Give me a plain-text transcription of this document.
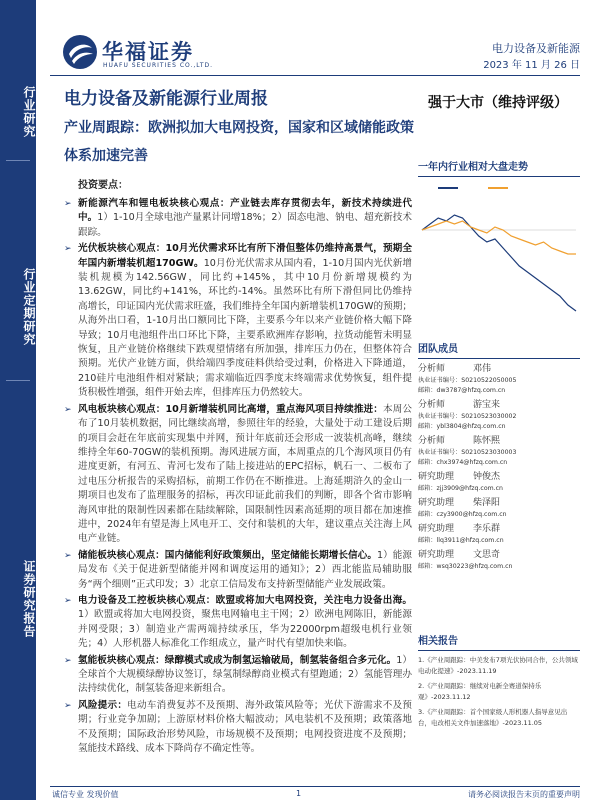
行业研究
行业定期研究
证券研究报告
华福证券
HUAFU SECURITIES CO.,LTD.
电力设备及新能源
2023 年 11 月 26 日
电力设备及新能源行业周报	强于大市（维持评级）
产业周跟踪：欧洲拟加大电网投资，国家和区域储能政策体系加速完善
投资要点：
➢ 新能源汽车和锂电板块核心观点：产业链去库存贯彻去年，新技术持续进代中。1）1-10月全球电池产量累计同增18%；2）固态电池、钠电、超充新技术跟踪。
➢ 光伏板块核心观点：10月光伏需求环比有所下滑但整体仍维持高景气，预期全年国内新增装机超170GW。10月份光伏需求从国内看，1-10月国内光伏新增装机规模为142.56GW，同比约+145%，其中10月份新增规模约为13.62GW，同比约+141%，环比约-14%。虽然环比有所下滑但同比仍维持高增长，印证国内光伏需求旺盛，我们维持全年国内新增装机170GW的预期；从海外出口看，1-10月出口额同比下降，主要系今年以来产业链价格大幅下降导致；10月电池组件出口环比下降，主要系欧洲库存影响，拉货动能暂未明显恢复，且产业链价格继续下跌观望情绪有所加强，排库压力仍在，但整体符合预期。光伏产业链方面，供给端四季度硅料供给受过剩，价格进入下降通道，210硅片电池组件相对紧缺；需求端临近四季度末终端需求优势恢复，组件提货积极性增强，组件开始去库，但排库压力仍然较大。
➢ 风电板块核心观点：10月新增装机同比高增，重点海风项目持续推进：本周公布了10月装机数据，同比继续高增，参照往年的经验，大量处于动工建设后期的项目会赶在年底前实现集中并网，预计年底前还会形成一波装机高峰，继续维持全年60-70GW的装机预期。海风进展方面，本周重点的几个海风项目仍有进度更新，有河五、青河七发布了陆上接进站的EPC招标，帆石一、二板布了过电压分析报告的采购招标，前期工作仍在不断推进。上海延期浒久的金山一期项目也发布了监理服务的招标，再次印证此前我们的判断，即各个省市影响海风审批的限制性因素都在陆续解除，国限制性因素高延期的项目都在加速推进中，2024年有望是海上风电开工、交付和装机的大年，建议重点关注海上风电产业链。
➢ 储能板块核心观点：国内储能利好政策频出，坚定储能长期增长信心。1）能源局发布《关于促进新型储能并网和调度运用的通知》；2）西北能监局辅助服务“两个细则”正式印发；3）北京工信局发布支持新型储能产业发展政策。
➢ 电力设备及工控板块核心观点：欧盟或将加大电网投资，关注电力设备出海。1）欧盟或将加大电网投资，聚焦电网输电主干网；2）欧洲电网陈旧，新能源并网受限；3）制造业产需两端持续承压，华为22000rpm超级电机行业领先；4）人形机器人标准化工作组成立，量产时代有望加快来临。
➢ 氢能板块核心观点：绿醇模式或成为制氢运输破局，制氢装备组合多元化。1）全球首个大规模绿醇协议签订，绿氢制绿醇商业模式有望跑通；2）氢能管理办法持续优化，制氢装备迎来新组合。
➢ 风险提示：电动车消费复苏不及预期、海外政策风险等；光伏下游需求不及预期；行业竞争加剧；上游原材料价格大幅波动；风电装机不及预期；政策落地不及预期；国际政治形势风险，市场规模不及预期；电网投资进度不及预期；氢能技术路线、成本下降尚存不确定性等。
一年内行业相对大盘走势
团队成员
分析师	邓伟
执业证书编号：S0210522050005
邮箱：dw3787@hfzq.com.cn
分析师	游宝来
执业证书编号：S0210523030002
邮箱：ybl3804@hfzq.com.cn
分析师	陈怀熙
执业证书编号：S0210523030003
邮箱：chx3974@hfzq.com.cn
研究助理	钟俊杰
邮箱：zjj3909@hfzq.com.cn
研究助理	柴泽阳
邮箱：czy3900@hfzq.com.cn
研究助理	李乐群
邮箱：llq3911@hfzq.com.cn
研究助理	文思奇
邮箱：wsq30223@hfzq.com.cn
相关报告
1.《产业周跟踪：中美发布7项光伏协同合作，公共领域电动化提速》-2023.11.19
2.《产业周跟踪：继续对电新全赛道保持乐观》-2023.11.12
3.《产业周跟踪：首个国家级人形机器人指导意见出台，电改相关文件加速落地》-2023.11.05
诚信专业 发现价值	1	请务必阅读报告末页的重要声明
